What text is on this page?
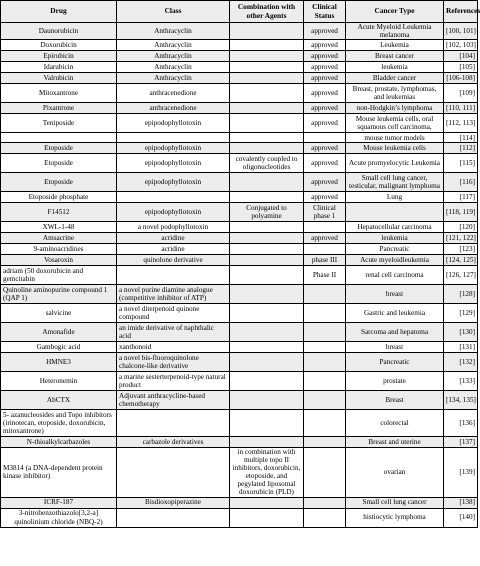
Drug	Class	Combination with other Agents	Clinical Status	Cancer Type	References
Daunorubicin	Anthracyclin		approved	Acute Myeloid Leukemia melanoma	[100, 101]
Doxorubicin	Anthracyclin		approved	Leukemia	[102, 103]
Epirubicin	Anthracyclin		approved	Breast cancer	[104]
Idarubicin	Anthracyclin		approved	leukemia	[105]
Valrubicin	Anthracyclin		approved	Bladder cancer	[106-108]
Mitoxantrone	anthracenedione		approved	Breast, prostate, lymphomas, and leukemias	[109]
Pixantrone	anthracenedione		approved	non-Hodgkin’s lymphoma	[110, 111]
Teniposide	epipodophyllotoxin		approved	Mouse leukemia cells, oral squamous cell carcinoma,	[112, 113]
				mouse tumor models	[114]
Etoposide	epipodophyllotoxin		approved	Mouse leukemia cells	[112]
Etoposide	epipodophyllotoxin	covalently coupled to oligonucleotides	approved	Acute promyelocytic Leukemia	[115]
Etoposide	epipodophyllotoxin		approved	Small cell lung cancer, testicular, malignant lymphoma	[116]
Etoposide phosphate			approved	Lung	[117]
F14512	epipodophyllotoxin	Conjugated to polyamine	Clinical phase 1		[118, 119]
XWL-1-48	a novel podophyllotoxin			Hepatocellular carcinoma	[120]
Amsacrine	acridine		approved	leukemia	[121, 122]
9-aminoacridines	acridine			Pancreatic	[123]
Vosaroxin	quinolone derivative		phase III	Acute myeloidleukemia	[124, 125]
adriam (50 doxorubicin and gemcitabin			Phase II	renal cell carcinoma	[126, 127]
Quinoline aminopurine compound 1 (QAP 1)	a novel purine diamine analogue (competitive inhibitor of ATP)			breast	[128]
salvicine	a novel diterpenoid quinone compound			Gastric and leukemia	[129]
Amonafide	an imide derivative of naphthalic acid			Sarcoma and hepatoma	[130]
Gambogic acid	xanthonoid			breast	[131]
HMNE3	a novel bis-fluoroquinolone chalcone-like derivative			Pancreatic	[132]
Heteronemin	a marine sesterterpenoid-type natural product			prostate	[133]
AbCTX	Adjuvant anthracycline-based chemotherapy			Breast	[134, 135]
5- azanucleosides and Topo inhibitors (irinotecan, etoposide, doxorubicin, mitoxantrone)				colorectal	[136]
N-thioalkylcarbazoles	carbazole derivatives			Breast and uterine	[137]
M3814 (a DNA-dependent protein kinase inhibitor)		in combination with multiple topo II inhibitors, doxorubicin, etoposide, and pegylated liposomal doxorubicin (PLD)		ovarian	[139]
ICRF-187	Bisdioxopiperazine			Small cell lung cancer	[138]
3-nitrobenzothiazolo[3,2-a] quinolinium chloride (NBQ-2)				histiocytic lymphoma	[140]
